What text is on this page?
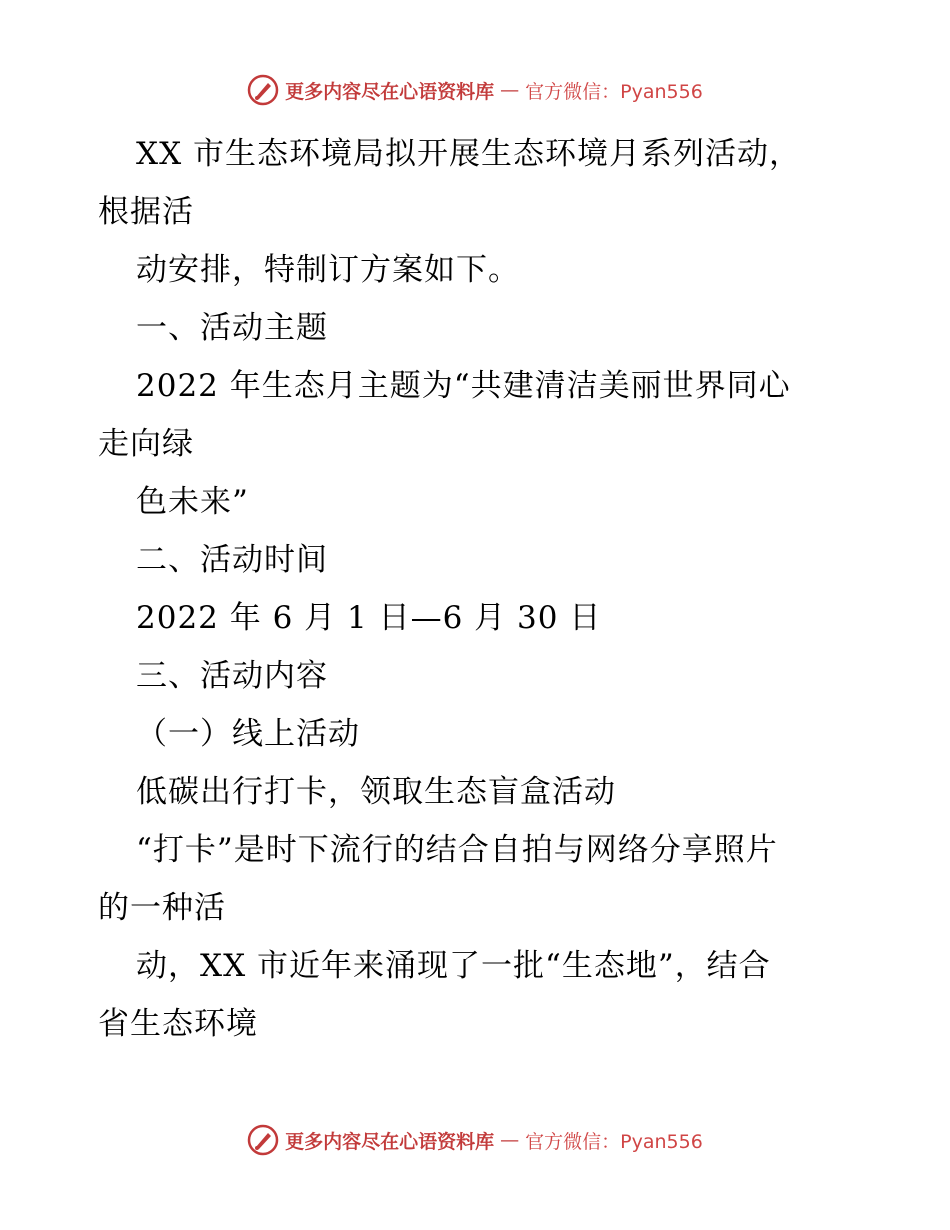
更多内容尽在心语资料库 — 官方微信：Pyan556
XX 市生态环境局拟开展生态环境月系列活动，
根据活
动安排，特制订方案如下。
一、活动主题
2022 年生态月主题为“共建清洁美丽世界同心
走向绿
色未来”
二、活动时间
2022 年 6 月 1 日—6 月 30 日
三、活动内容
（一）线上活动
低碳出行打卡，领取生态盲盒活动
“打卡”是时下流行的结合自拍与网络分享照片
的一种活
动，XX 市近年来涌现了一批“生态地”，结合
省生态环境
更多内容尽在心语资料库 — 官方微信：Pyan556
